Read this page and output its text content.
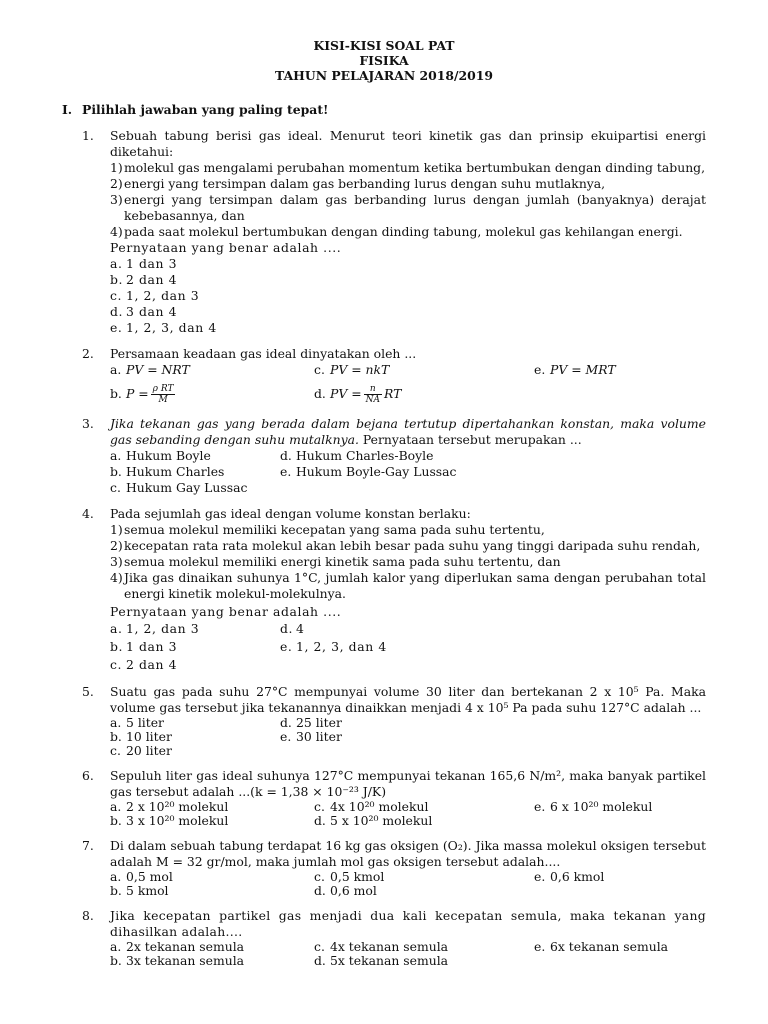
KISI-KISI SOAL PAT
FISIKA
TAHUN PELAJARAN 2018/2019
I. Pilihlah jawaban yang paling tepat!
1. Sebuah tabung berisi gas ideal. Menurut teori kinetik gas dan prinsip ekuipartisi energi diketahui:
1) molekul gas mengalami perubahan momentum ketika bertumbukan dengan dinding tabung,
2) energi yang tersimpan dalam gas berbanding lurus dengan suhu mutlaknya,
3) energi yang tersimpan dalam gas berbanding lurus dengan jumlah (banyaknya) derajat kebebasannya, dan
4) pada saat molekul bertumbukan dengan dinding tabung, molekul gas kehilangan energi.
Pernyataan yang benar adalah ....
a. 1 dan 3
b. 2 dan 4
c. 1, 2, dan 3
d. 3 dan 4
e. 1, 2, 3, dan 4
2. Persamaan keadaan gas ideal dinyatakan oleh ...
a. PV = NRT	c. PV = nkT	e. PV = MRT
b. $P = \frac{\text{ρ RT}}{M}$	d. PV = $\frac{n}{NA}$ RT
3. Jika tekanan gas yang berada dalam bejana tertutup dipertahankan konstan, maka volume gas sebanding dengan suhu mutalknya. Pernyataan tersebut merupakan ...
a. Hukum Boyle	d. Hukum Charles-Boyle
b. Hukum Charles	e. Hukum Boyle-Gay Lussac
c. Hukum Gay Lussac
4. Pada sejumlah gas ideal dengan volume konstan berlaku:
1) semua molekul memiliki kecepatan yang sama pada suhu tertentu,
2) kecepatan rata rata molekul akan lebih besar pada suhu yang tinggi daripada suhu rendah,
3) semua molekul memiliki energi kinetik sama pada suhu tertentu, dan
4) Jika gas dinaikan suhunya 1°C, jumlah kalor yang diperlukan sama dengan perubahan total energi kinetik molekul-molekulnya.
Pernyataan yang benar adalah ....
a. 1, 2, dan 3	d. 4
b. 1 dan 3	e. 1, 2, 3, dan 4
c. 2 dan 4
5. Suatu gas pada suhu 27°C mempunyai volume 30 liter dan bertekanan 2 x 10⁵ Pa. Maka volume gas tersebut jika tekanannya dinaikkan menjadi 4 x 10⁵ Pa pada suhu 127°C adalah ...
a. 5 liter	d. 25 liter
b. 10 liter	e. 30 liter
c. 20 liter
6. Sepuluh liter gas ideal suhunya 127°C mempunyai tekanan 165,6 N/m², maka banyak partikel gas tersebut adalah ...(k = 1,38 × 10⁻²³ J/K)
a. 2 x 10²⁰ molekul	c. 4x 10²⁰ molekul	e. 6 x 10²⁰ molekul
b. 3 x 10²⁰ molekul	d. 5 x 10²⁰ molekul
7. Di dalam sebuah tabung terdapat 16 kg gas oksigen (O₂). Jika massa molekul oksigen tersebut adalah M = 32 gr/mol, maka jumlah mol gas oksigen tersebut adalah....
a. 0,5 mol	c. 0,5 kmol	e. 0,6 kmol
b. 5 kmol	d. 0,6 mol
8. Jika kecepatan partikel gas menjadi dua kali kecepatan semula, maka tekanan yang dihasilkan adalah....
a. 2x tekanan semula	c. 4x tekanan semula	e. 6x tekanan semula
b. 3x tekanan semula	d. 5x tekanan semula
